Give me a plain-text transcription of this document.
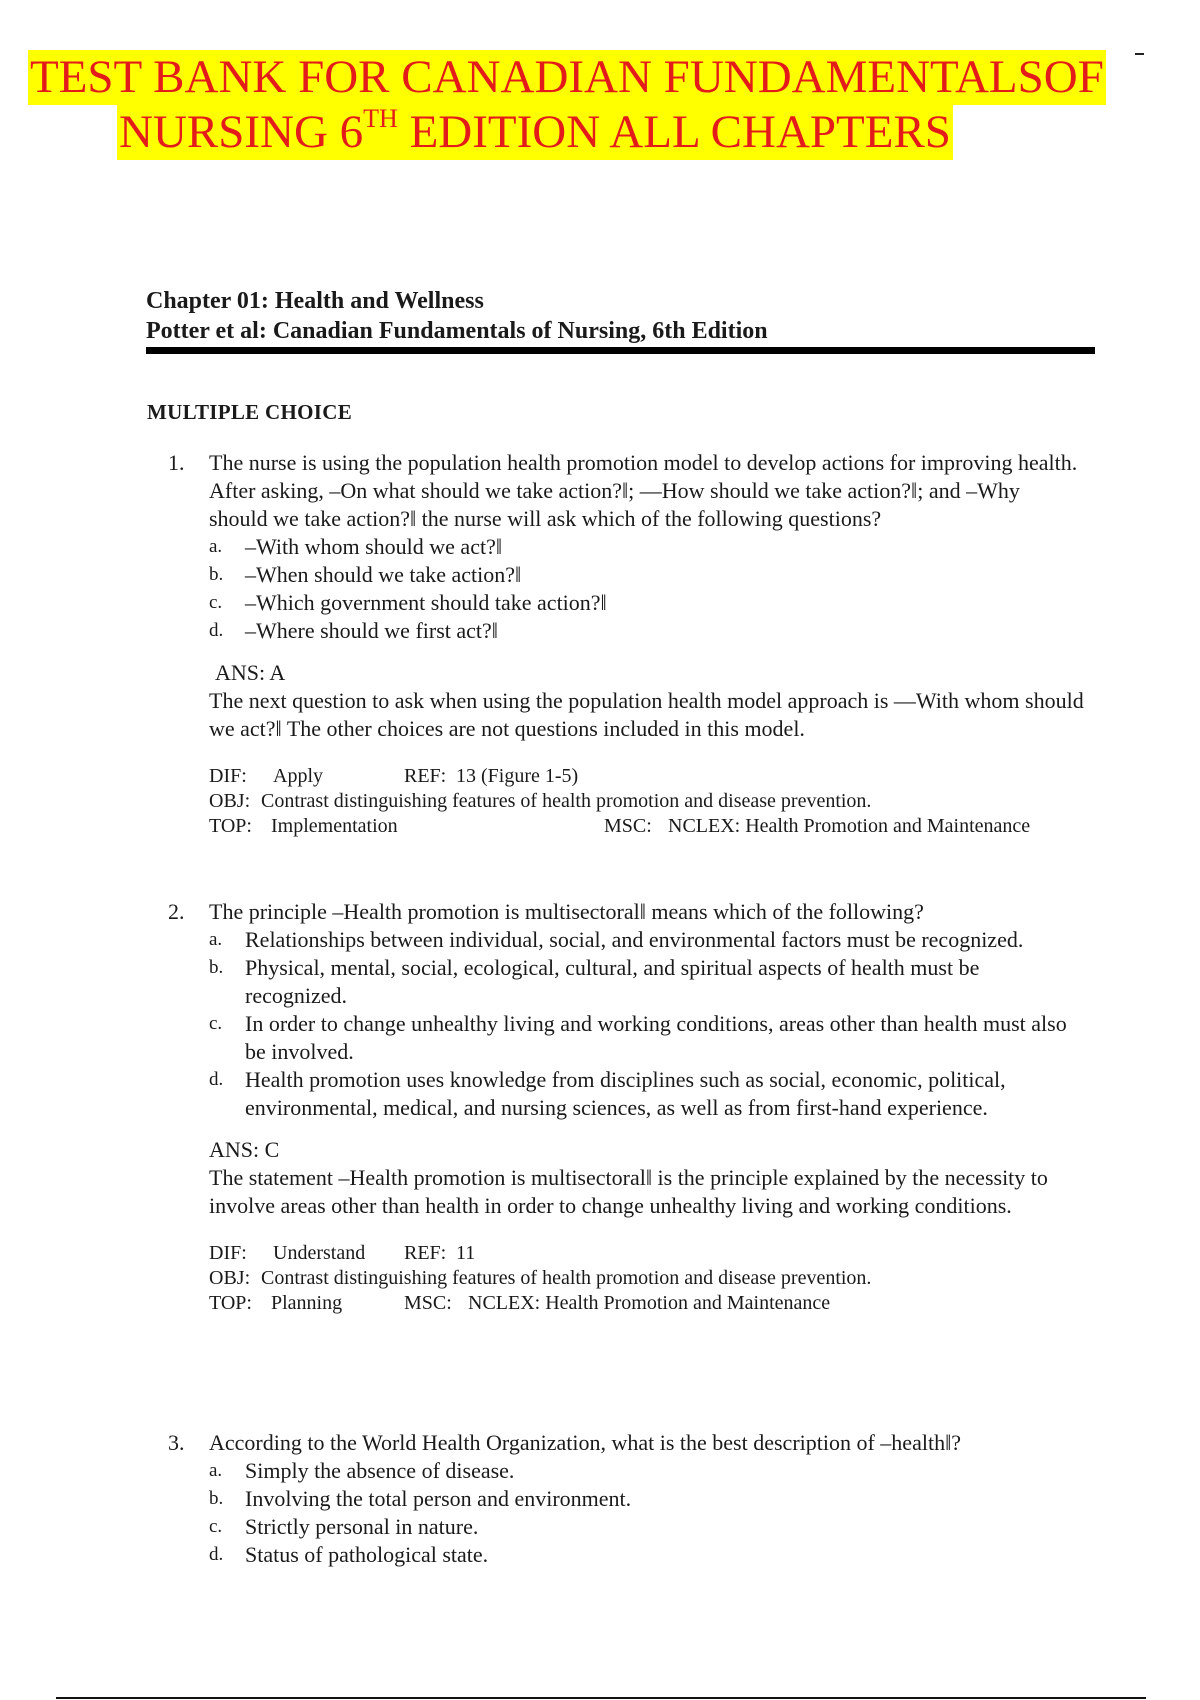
TEST BANK FOR CANADIAN FUNDAMENTALSOF
NURSING 6TH EDITION ALL CHAPTERS
Chapter 01: Health and Wellness
Potter et al: Canadian Fundamentals of Nursing, 6th Edition
MULTIPLE CHOICE
1.	The nurse is using the population health promotion model to develop actions for improving health. After asking, –On what should we take action?‖; ―How should we take action?‖; and –Why should we take action?‖ the nurse will ask which of the following questions?
a.	–With whom should we act?‖
b. –When should we take action?‖
c.	–Which government should take action?‖
d. –Where should we first act?‖
ANS: A
The next question to ask when using the population health model approach is ―With whom should we act?‖ The other choices are not questions included in this model.
DIF:	Apply	REF: 13 (Figure 1-5)
OBJ: Contrast distinguishing features of health promotion and disease prevention.
TOP: Implementation	MSC: NCLEX: Health Promotion and Maintenance
2.	The principle –Health promotion is multisectoral‖ means which of the following?
a.	Relationships between individual, social, and environmental factors must be recognized.
b. Physical, mental, social, ecological, cultural, and spiritual aspects of health must be recognized.
c.	In order to change unhealthy living and working conditions, areas other than health must also be involved.
d. Health promotion uses knowledge from disciplines such as social, economic, political, environmental, medical, and nursing sciences, as well as from first-hand experience.
ANS: C
The statement –Health promotion is multisectoral‖ is the principle explained by the necessity to involve areas other than health in order to change unhealthy living and working conditions.
DIF:	Understand	REF: 11
OBJ: Contrast distinguishing features of health promotion and disease prevention.
TOP: Planning	MSC: NCLEX: Health Promotion and Maintenance
3.	According to the World Health Organization, what is the best description of –health‖?
a.	Simply the absence of disease.
b. Involving the total person and environment.
c.	Strictly personal in nature.
d. Status of pathological state.
